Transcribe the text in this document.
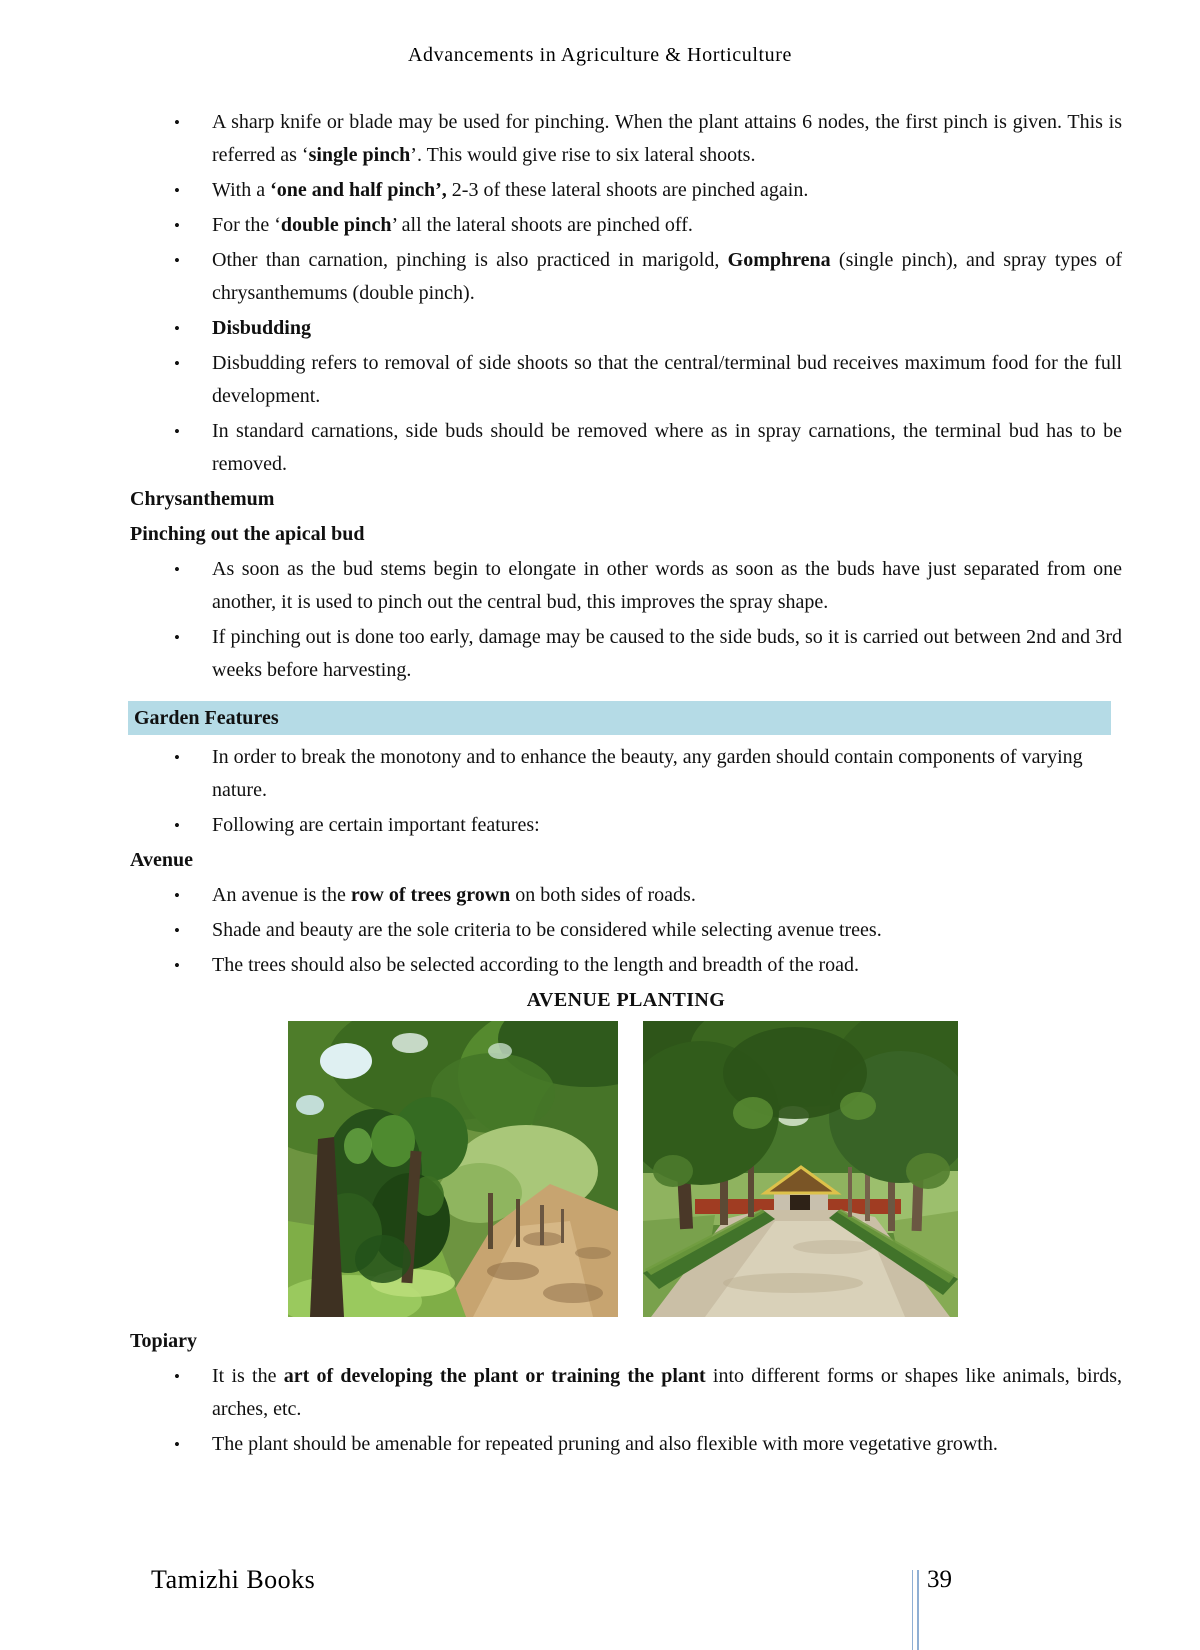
Advancements in Agriculture & Horticulture
• A sharp knife or blade may be used for pinching. When the plant attains 6 nodes, the first pinch is given. This is referred as ‘single pinch’. This would give rise to six lateral shoots.
• With a ‘one and half pinch’, 2-3 of these lateral shoots are pinched again.
• For the ‘double pinch’ all the lateral shoots are pinched off.
• Other than carnation, pinching is also practiced in marigold, Gomphrena (single pinch), and spray types of chrysanthemums (double pinch).
• Disbudding
• Disbudding refers to removal of side shoots so that the central/terminal bud receives maximum food for the full development.
• In standard carnations, side buds should be removed where as in spray carnations, the terminal bud has to be removed.
Chrysanthemum
Pinching out the apical bud
• As soon as the bud stems begin to elongate in other words as soon as the buds have just separated from one another, it is used to pinch out the central bud, this improves the spray shape.
• If pinching out is done too early, damage may be caused to the side buds, so it is carried out between 2nd and 3rd weeks before harvesting.
Garden Features
• In order to break the monotony and to enhance the beauty, any garden should contain components of varying nature.
• Following are certain important features:
Avenue
• An avenue is the row of trees grown on both sides of roads.
• Shade and beauty are the sole criteria to be considered while selecting avenue trees.
• The trees should also be selected according to the length and breadth of the road.
AVENUE PLANTING
Topiary
• It is the art of developing the plant or training the plant into different forms or shapes like animals, birds, arches, etc.
• The plant should be amenable for repeated pruning and also flexible with more vegetative growth.
Tamizhi Books	39
